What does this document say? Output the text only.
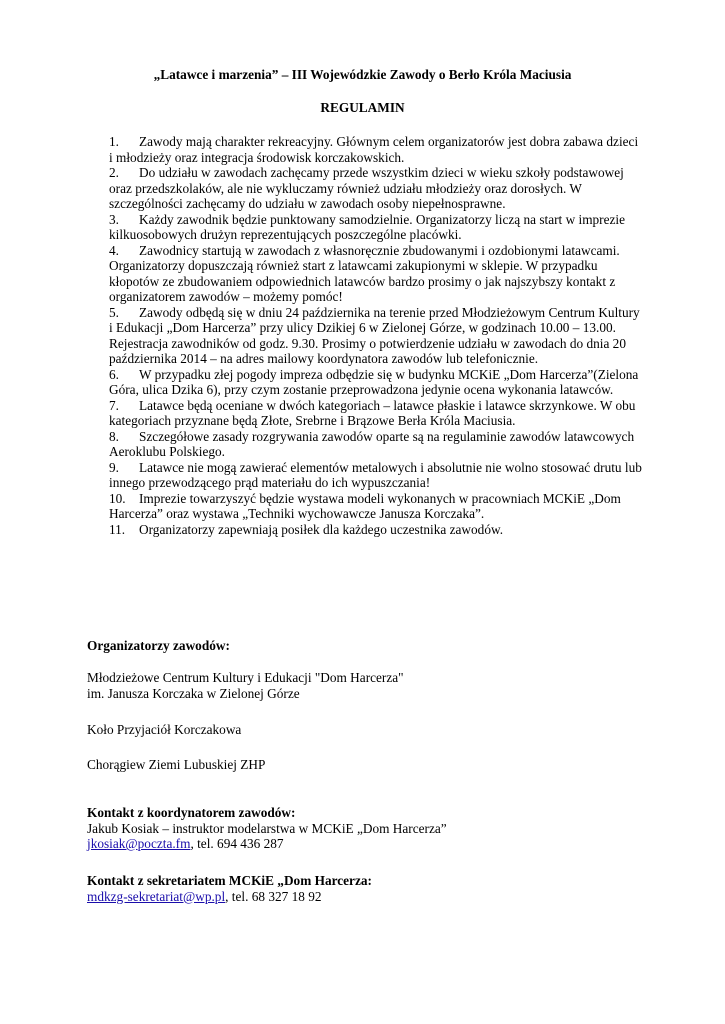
„Latawce i marzenia” – III Wojewódzkie Zawody o Berło Króla Maciusia
REGULAMIN

1. Zawody mają charakter rekreacyjny. Głównym celem organizatorów jest dobra zabawa dzieci i młodzieży oraz integracja środowisk korczakowskich.

2. Do udziału w zawodach zachęcamy przede wszystkim dzieci w wieku szkoły podstawowej oraz przedszkolaków, ale nie wykluczamy również udziału młodzieży oraz dorosłych. W szczególności zachęcamy do udziału w zawodach osoby niepełnosprawne.

3. Każdy zawodnik będzie punktowany samodzielnie. Organizatorzy liczą na start w imprezie kilkuosobowych drużyn reprezentujących poszczególne placówki.

4. Zawodnicy startują w zawodach z własnoręcznie zbudowanymi i ozdobionymi latawcami. Organizatorzy dopuszczają również start z latawcami zakupionymi w sklepie. W przypadku kłopotów ze zbudowaniem odpowiednich latawców bardzo prosimy o jak najszybszy kontakt z organizatorem zawodów – możemy pomóc!

5. Zawody odbędą się w dniu 24 października na terenie przed Młodzieżowym Centrum Kultury i Edukacji „Dom Harcerza” przy ulicy Dzikiej 6 w Zielonej Górze, w godzinach 10.00 – 13.00. Rejestracja zawodników od godz. 9.30. Prosimy o potwierdzenie udziału w zawodach do dnia 20 października 2014 – na adres mailowy koordynatora zawodów lub telefonicznie.

6. W przypadku złej pogody impreza odbędzie się w budynku MCKiE „Dom Harcerza”(Zielona Góra, ulica Dzika 6), przy czym zostanie przeprowadzona jedynie ocena wykonania latawców.

7. Latawce będą oceniane w dwóch kategoriach – latawce płaskie i latawce skrzynkowe. W obu kategoriach przyznane będą Złote, Srebrne i Brązowe Berła Króla Maciusia.

8. Szczegółowe zasady rozgrywania zawodów oparte są na regulaminie zawodów latawcowych Aeroklubu Polskiego.

9. Latawce nie mogą zawierać elementów metalowych i absolutnie nie wolno stosować drutu lub innego przewodzącego prąd materiału do ich wypuszczania!

10. Imprezie towarzyszyć będzie wystawa modeli wykonanych w pracowniach MCKiE „Dom Harcerza” oraz wystawa „Techniki wychowawcze Janusza Korczaka”.

11. Organizatorzy zapewniają posiłek dla każdego uczestnika zawodów.

Organizatorzy zawodów:
Młodzieżowe Centrum Kultury i Edukacji "Dom Harcerza"
im. Janusza Korczaka w Zielonej Górze
Koło Przyjaciół Korczakowa
Chorągiew Ziemi Lubuskiej ZHP
Kontakt z koordynatorem zawodów:
Jakub Kosiak – instruktor modelarstwa w MCKiE „Dom Harcerza”
jkosiak@poczta.fm, tel. 694 436 287
Kontakt z sekretariatem MCKiE „Dom Harcerza:
mdkzg-sekretariat@wp.pl, tel. 68 327 18 92
